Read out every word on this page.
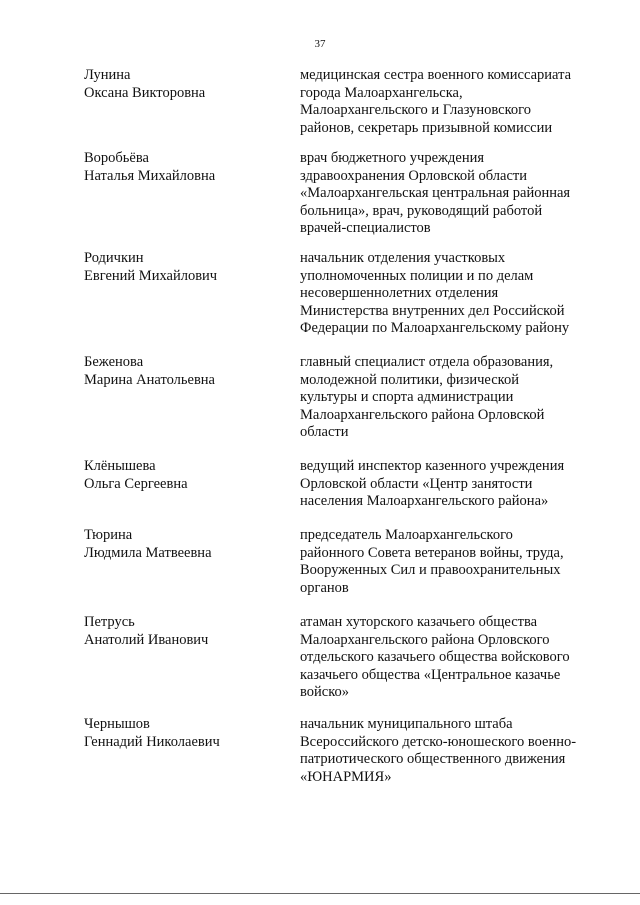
37
Лунина
Оксана Викторовна
медицинская сестра военного комиссариата
города Малоархангельска,
Малоархангельского и Глазуновского
районов, секретарь призывной комиссии
Воробьёва
Наталья Михайловна
врач бюджетного учреждения
здравоохранения Орловской области
«Малоархангельская центральная районная
больница», врач, руководящий работой
врачей-специалистов
Родичкин
Евгений Михайлович
начальник отделения участковых
уполномоченных полиции и по делам
несовершеннолетних отделения
Министерства внутренних дел Российской
Федерации по Малоархангельскому району
Беженова
Марина Анатольевна
главный специалист отдела образования,
молодежной политики, физической
культуры и спорта администрации
Малоархангельского района Орловской
области
Клёнышева
Ольга Сергеевна
ведущий инспектор казенного учреждения
Орловской области «Центр занятости
населения Малоархангельского района»
Тюрина
Людмила Матвеевна
председатель Малоархангельского
районного Совета ветеранов войны, труда,
Вооруженных Сил и правоохранительных
органов
Петрусь
Анатолий Иванович
атаман хуторского казачьего общества
Малоархангельского района Орловского
отдельского казачьего общества войскового
казачьего общества «Центральное казачье
войско»
Чернышов
Геннадий Николаевич
начальник муниципального штаба
Всероссийского детско-юношеского военно-
патриотического общественного движения
«ЮНАРМИЯ»
